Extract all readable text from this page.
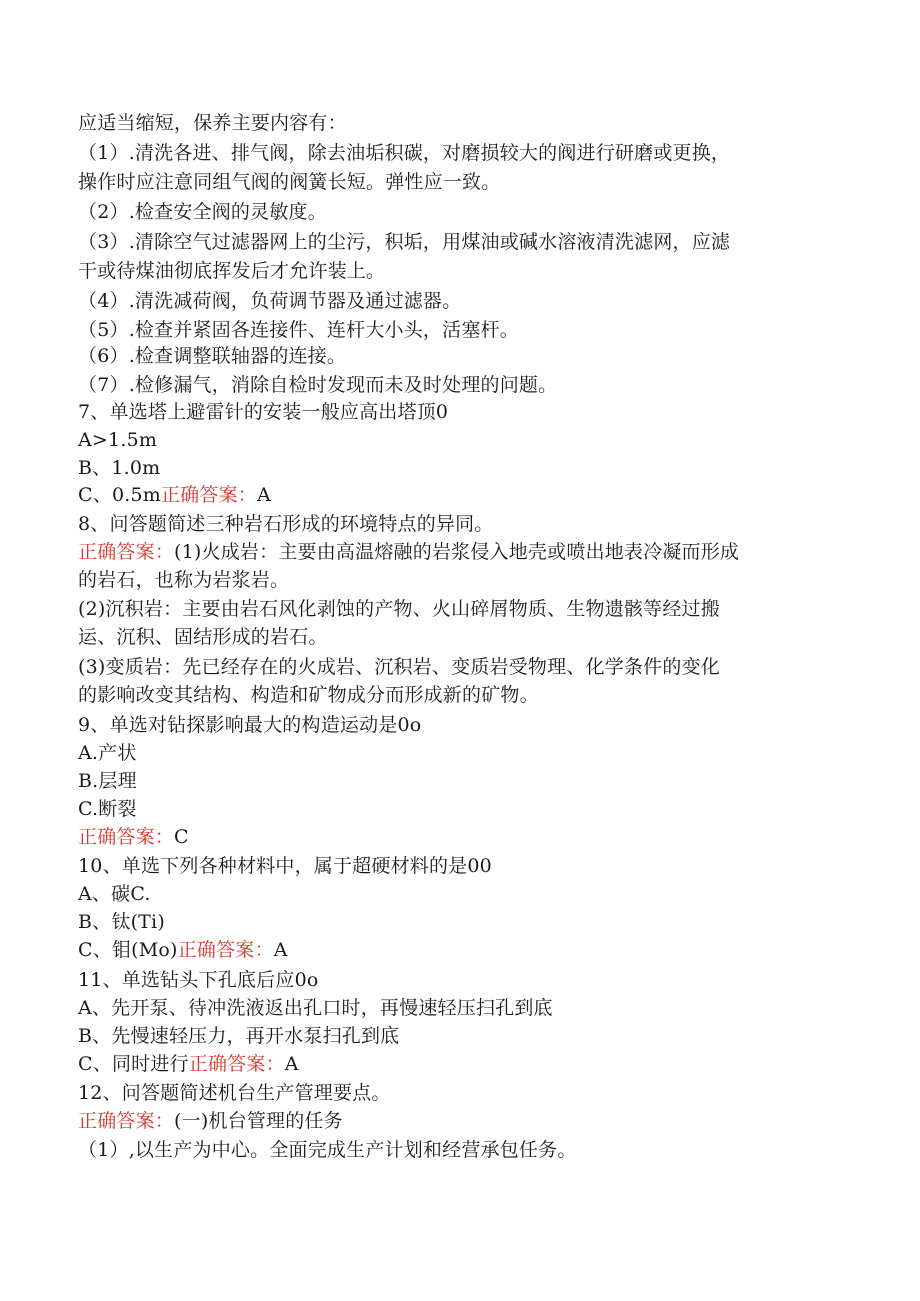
应适当缩短，保养主要内容有：
（1）.清洗各进、排气阀，除去油垢积碳，对磨损较大的阀进行研磨或更换，
操作时应注意同组气阀的阀簧长短。弹性应一致。
（2）.检查安全阀的灵敏度。
（3）.清除空气过滤器网上的尘污，积垢，用煤油或碱水溶液清洗滤网，应滤
干或待煤油彻底挥发后才允许装上。
（4）.清洗减荷阀，负荷调节器及通过滤器。
（5）.检查并紧固各连接件、连杆大小头，活塞杆。
（6）.检查调整联轴器的连接。
（7）.检修漏气，消除自检时发现而未及时处理的问题。
7、单选塔上避雷针的安装一般应高出塔顶0
A>1.5m
B、1.0m
C、0.5m正确答案：A
8、问答题简述三种岩石形成的环境特点的异同。
正确答案：(1)火成岩：主要由高温熔融的岩浆侵入地壳或喷出地表冷凝而形成
的岩石，也称为岩浆岩。
(2)沉积岩：主要由岩石风化剥蚀的产物、火山碎屑物质、生物遗骸等经过搬
运、沉积、固结形成的岩石。
(3)变质岩：先已经存在的火成岩、沉积岩、变质岩受物理、化学条件的变化
的影响改变其结构、构造和矿物成分而形成新的矿物。
9、单选对钻探影响最大的构造运动是0o
A.产状
B.层理
C.断裂
正确答案：C
10、单选下列各种材料中，属于超硬材料的是00
A、碳C.
B、钛(Ti)
C、钼(Mo)正确答案：A
11、单选钻头下孔底后应0o
A、先开泵、待冲洗液返出孔口时，再慢速轻压扫孔到底
B、先慢速轻压力，再开水泵扫孔到底
C、同时进行正确答案：A
12、问答题简述机台生产管理要点。
正确答案：(一)机台管理的任务
（1）,以生产为中心。全面完成生产计划和经营承包任务。
